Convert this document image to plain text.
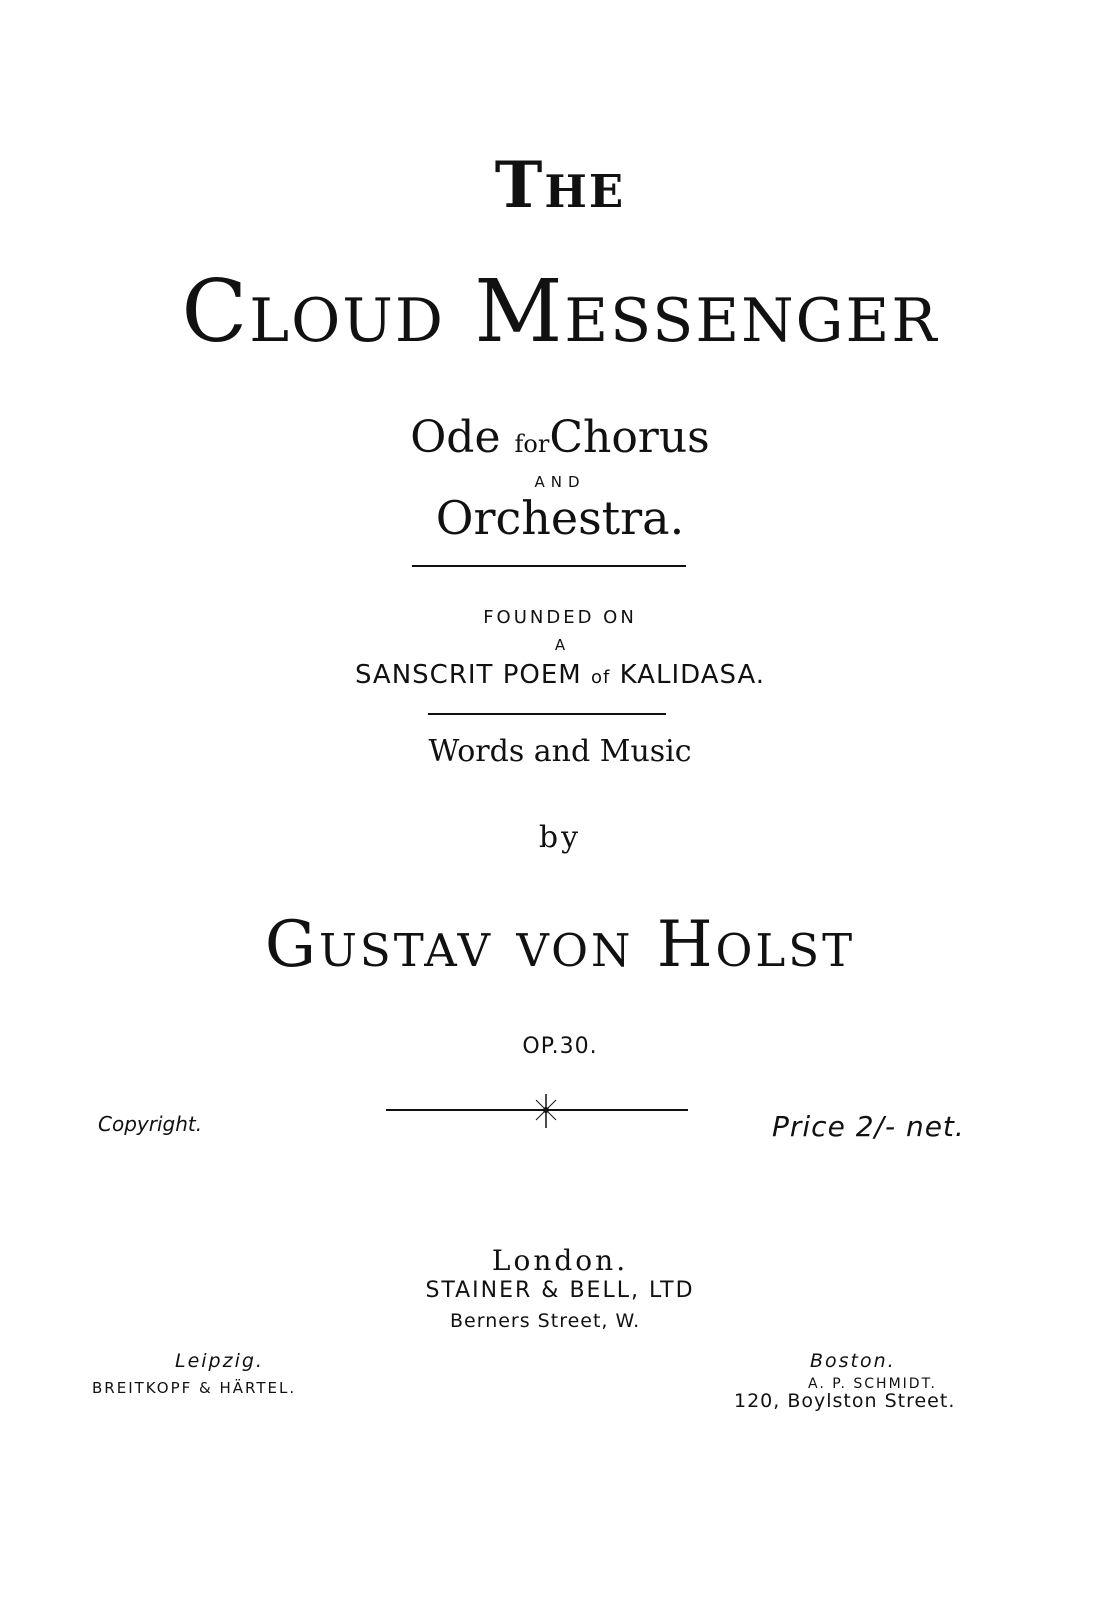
The
Cloud Messenger
Ode forChorus
AND
Orchestra.
FOUNDED ON
A
SANSCRIT POEM of KALIDASA.
Words and Music
by
Gustav von Holst
OP.30.
Copyright.	Price 2/- net.
London.
STAINER & BELL, LTD
Berners Street, W.
Leipzig.
BREITKOPF & HÄRTEL.
Boston.
A. P. SCHMIDT.
120, Boylston Street.
